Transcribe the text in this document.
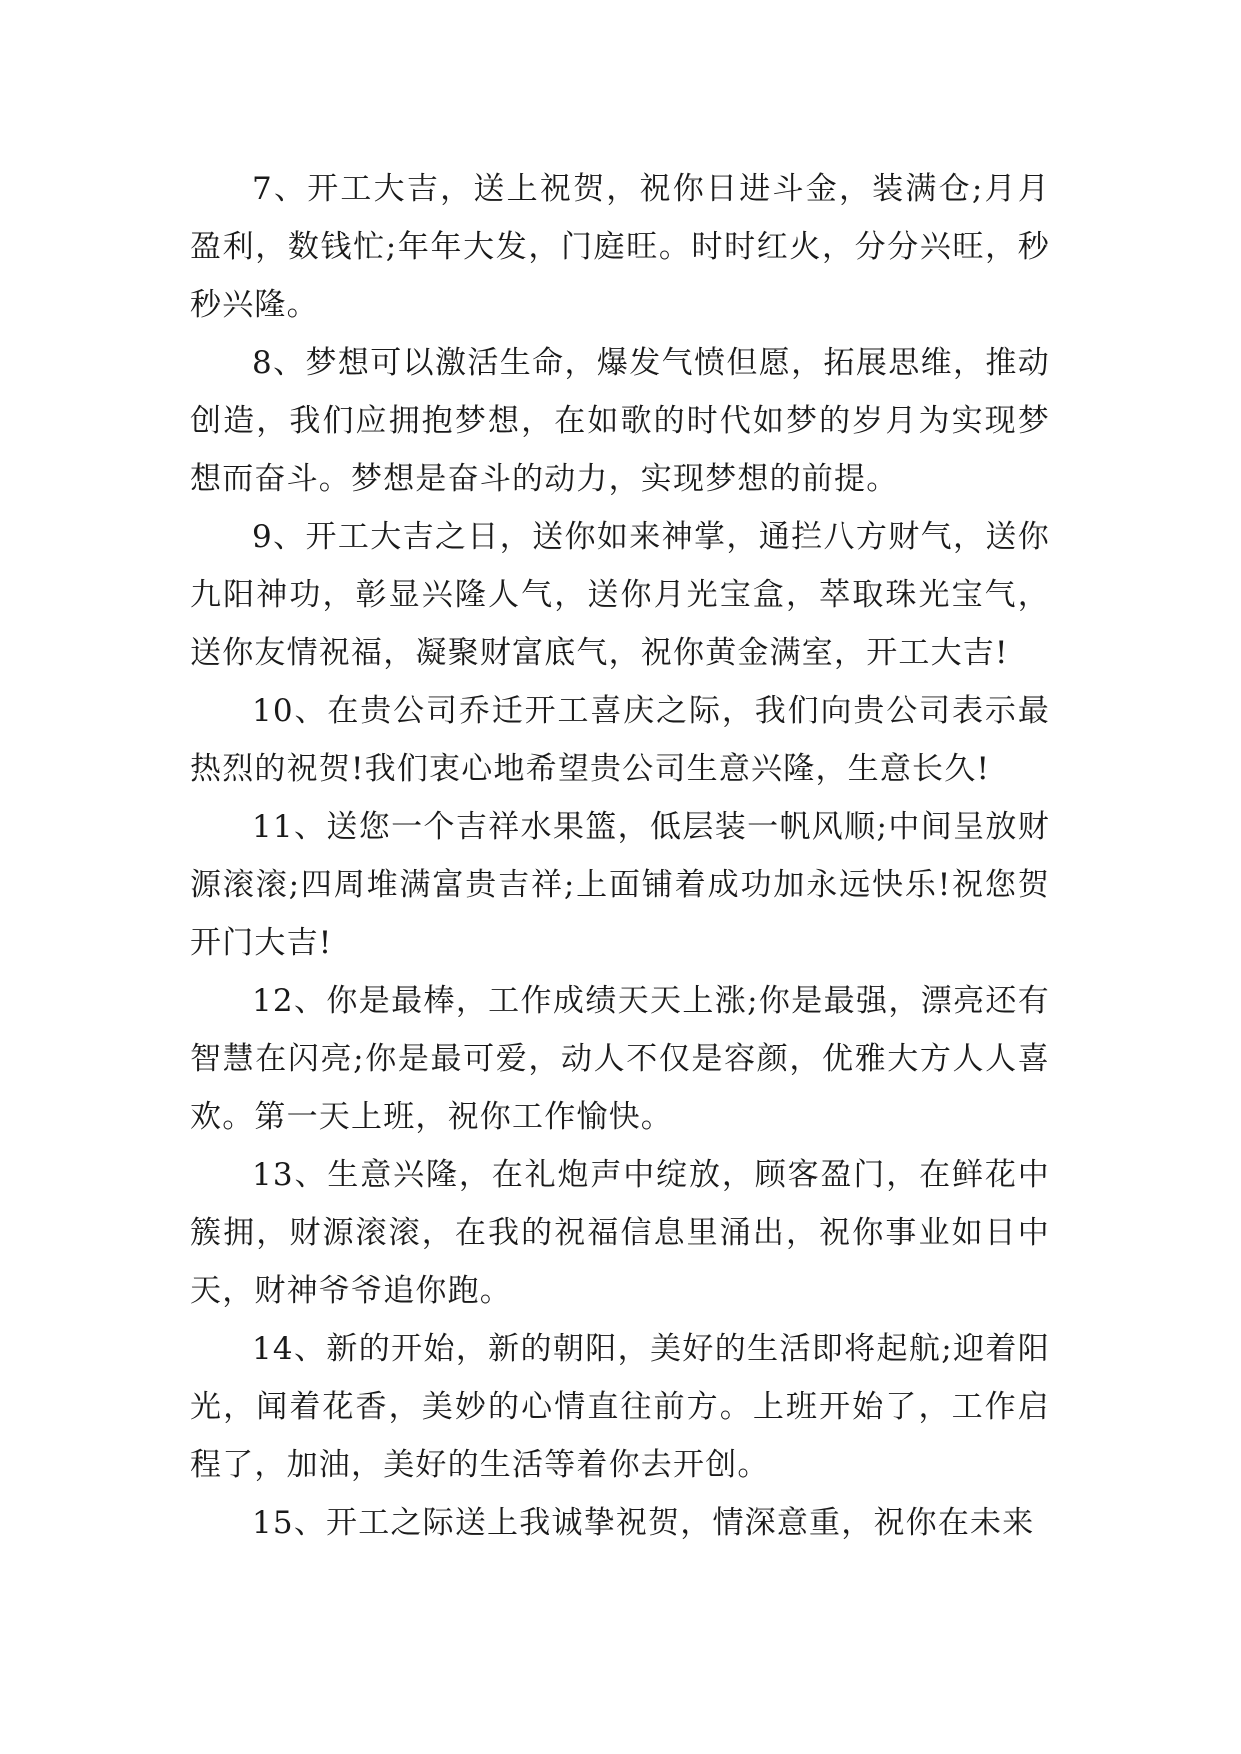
7、开工大吉，送上祝贺，祝你日进斗金，装满仓;月月盈利，数钱忙;年年大发，门庭旺。时时红火，分分兴旺，秒秒兴隆。

8、梦想可以激活生命，爆发气愤但愿，拓展思维，推动创造，我们应拥抱梦想，在如歌的时代如梦的岁月为实现梦想而奋斗。梦想是奋斗的动力，实现梦想的前提。

9、开工大吉之日，送你如来神掌，通拦八方财气，送你九阳神功，彰显兴隆人气，送你月光宝盒，萃取珠光宝气，送你友情祝福，凝聚财富底气，祝你黄金满室，开工大吉!

10、在贵公司乔迁开工喜庆之际，我们向贵公司表示最热烈的祝贺!我们衷心地希望贵公司生意兴隆，生意长久!

11、送您一个吉祥水果篮，低层装一帆风顺;中间呈放财源滚滚;四周堆满富贵吉祥;上面铺着成功加永远快乐!祝您贺开门大吉!

12、你是最棒，工作成绩天天上涨;你是最强，漂亮还有智慧在闪亮;你是最可爱，动人不仅是容颜，优雅大方人人喜欢。第一天上班，祝你工作愉快。

13、生意兴隆，在礼炮声中绽放，顾客盈门，在鲜花中簇拥，财源滚滚，在我的祝福信息里涌出，祝你事业如日中天，财神爷爷追你跑。

14、新的开始，新的朝阳，美好的生活即将起航;迎着阳光，闻着花香，美妙的心情直往前方。上班开始了，工作启程了，加油，美好的生活等着你去开创。

15、开工之际送上我诚挚祝贺，情深意重，祝你在未来
